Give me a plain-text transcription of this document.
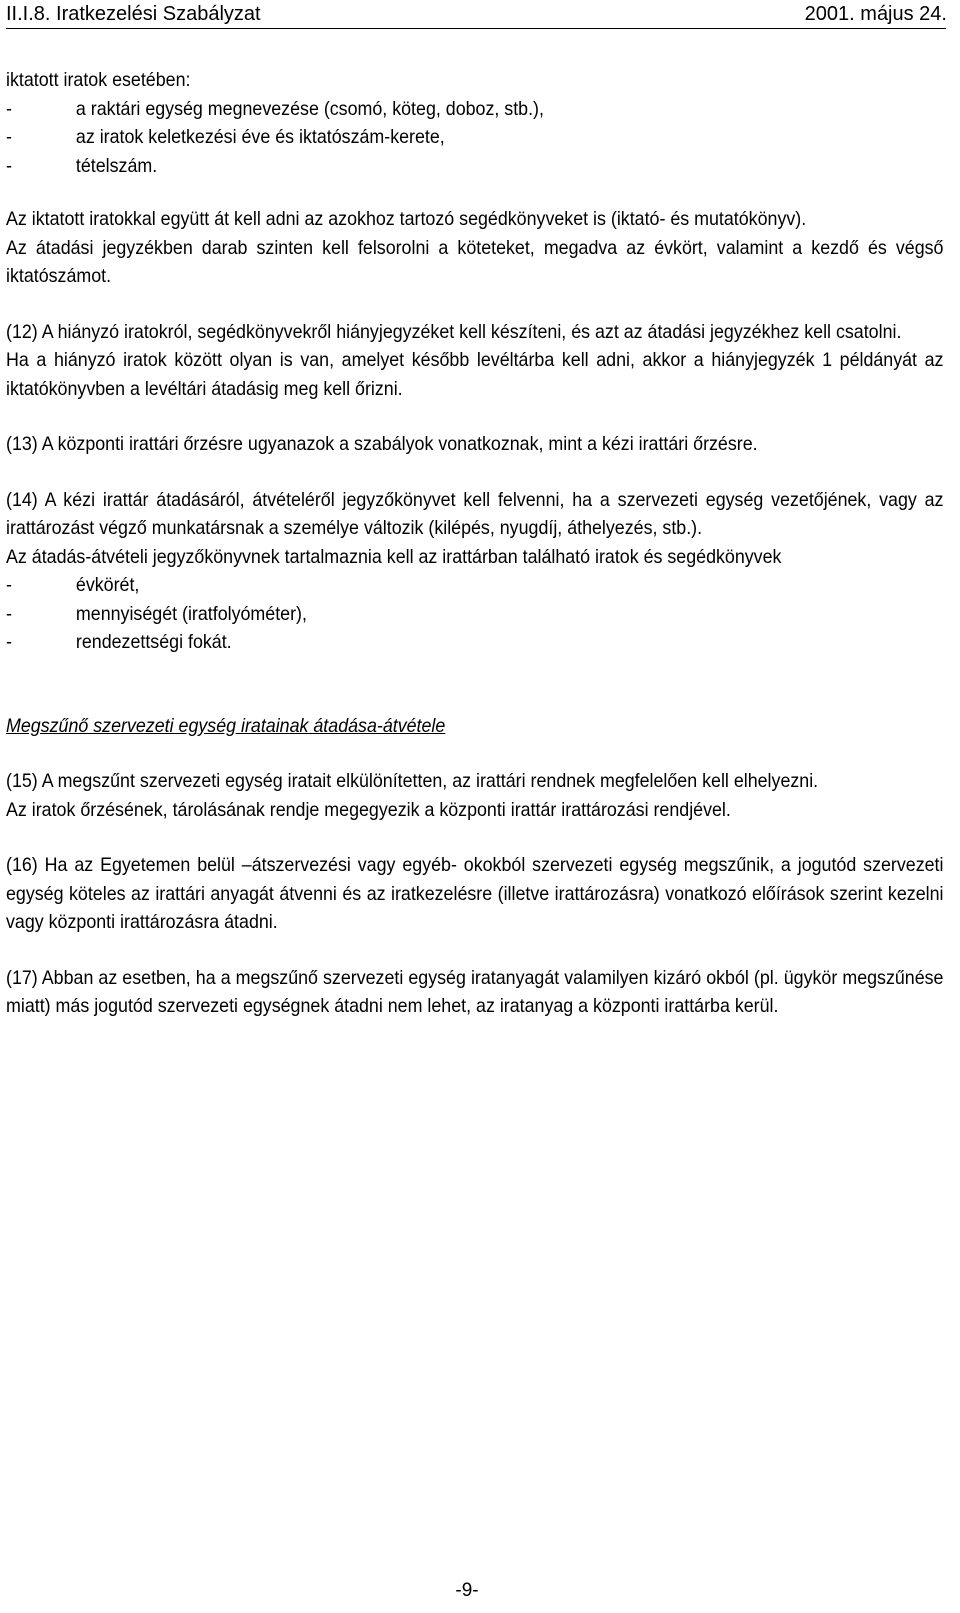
II.I.8. Iratkezelési Szabályzat	2001. május 24.

iktatott iratok esetében:

-	a raktári egység megnevezése (csomó, köteg, doboz, stb.),
-	az iratok keletkezési éve és iktatószám-kerete,
-	tételszám.

Az iktatott iratokkal együtt át kell adni az azokhoz tartozó segédkönyveket is (iktató- és mutatókönyv).

Az átadási jegyzékben darab szinten kell felsorolni a köteteket, megadva az évkört, valamint a kezdő és végső iktatószámot.

(12) A hiányzó iratokról, segédkönyvekről hiányjegyzéket kell készíteni, és azt az átadási jegyzékhez kell csatolni.

Ha a hiányzó iratok között olyan is van, amelyet később levéltárba kell adni, akkor a hiányjegyzék 1 példányát az iktatókönyvben a levéltári átadásig meg kell őrizni.

(13) A központi irattári őrzésre ugyanazok a szabályok vonatkoznak, mint a kézi irattári őrzésre.

(14) A kézi irattár átadásáról, átvételéről jegyzőkönyvet kell felvenni, ha a szervezeti egység vezetőjének, vagy az irattározást végző munkatársnak a személye változik (kilépés, nyugdíj, áthelyezés, stb.).

Az átadás-átvételi jegyzőkönyvnek tartalmaznia kell az irattárban található iratok és segédkönyvek

-	évkörét,
-	mennyiségét (iratfolyóméter),
-	rendezettségi fokát.

Megszűnő szervezeti egység iratainak átadása-átvétele

(15) A megszűnt szervezeti egység iratait elkülönítetten, az irattári rendnek megfelelően kell elhelyezni.

Az iratok őrzésének, tárolásának rendje megegyezik a központi irattár irattározási rendjével.

(16) Ha az Egyetemen belül –átszervezési vagy egyéb- okokból szervezeti egység megszűnik, a jogutód szervezeti egység köteles az irattári anyagát átvenni és az iratkezelésre (illetve irattározásra) vonatkozó előírások szerint kezelni vagy központi irattározásra átadni.

(17) Abban az esetben, ha a megszűnő szervezeti egység iratanyagát valamilyen kizáró okból (pl. ügykör megszűnése miatt) más jogutód szervezeti egységnek átadni nem lehet, az iratanyag a központi irattárba kerül.

-9-
